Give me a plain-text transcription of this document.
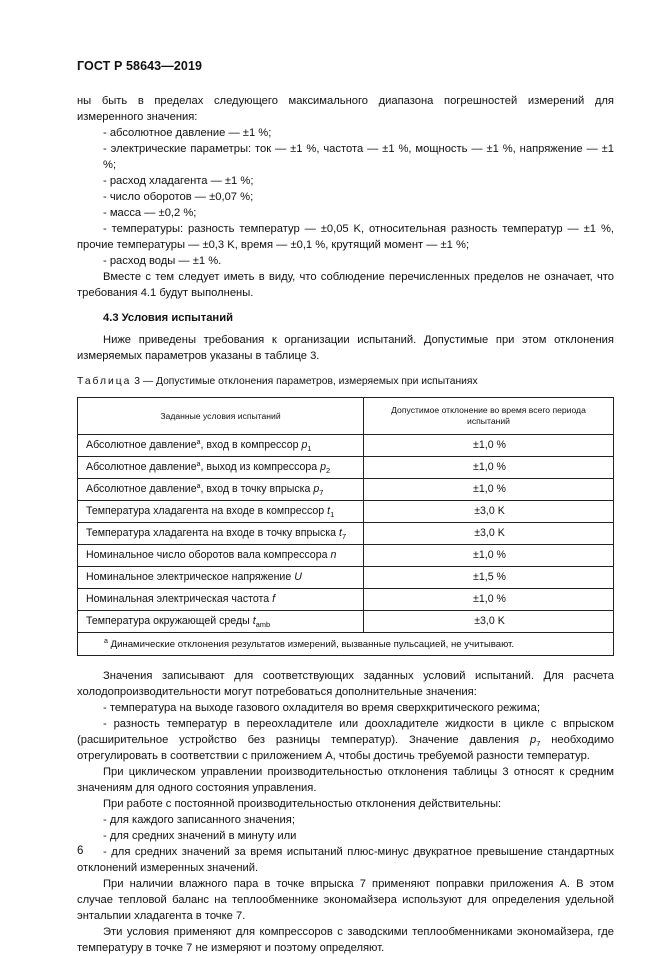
ГОСТ Р 58643—2019

ны быть в пределах следующего максимального диапазона погрешностей измерений для измеренного значения:

- абсолютное давление — ±1 %;

- электрические параметры: ток — ±1 %, частота — ±1 %, мощность — ±1 %, напряжение — ±1 %;

- расход хладагента — ±1 %;

- число оборотов — ±0,07 %;

- масса — ±0,2 %;

- температуры: разность температур — ±0,05 K, относительная разность температур — ±1 %, прочие температуры — ±0,3 K, время — ±0,1 %, крутящий момент — ±1 %;

- расход воды — ±1 %.

Вместе с тем следует иметь в виду, что соблюдение перечисленных пределов не означает, что требования 4.1 будут выполнены.

4.3 Условия испытаний

Ниже приведены требования к организации испытаний. Допустимые при этом отклонения измеряемых параметров указаны в таблице 3.

Таблица 3 — Допустимые отклонения параметров, измеряемых при испытаниях
Заданные условия испытаний	Допустимое отклонение во время всего периода испытаний
Абсолютное давление$^a$, вход в компрессор $p_1$	±1,0 %
Абсолютное давление$^a$, выход из компрессора $p_2$	±1,0 %
Абсолютное давление$^a$, вход в точку впрыска $p_7$	±1,0 %
Температура хладагента на входе в компрессор $t_1$	±3,0 K
Температура хладагента на входе в точку впрыска $t_7$	±3,0 K
Номинальное число оборотов вала компрессора n	±1,0 %
Номинальное электрическое напряжение U	±1,5 %
Номинальная электрическая частота f	±1,0 %
Температура окружающей среды $t_{amb}$	±3,0 K
$^a$ Динамические отклонения результатов измерений, вызванные пульсацией, не учитывают.	

Значения записывают для соответствующих заданных условий испытаний. Для расчета холодопроизводительности могут потребоваться дополнительные значения:

- температура на выходе газового охладителя во время сверхкритического режима;

- разность температур в переохладителе или доохладителе жидкости в цикле с впрыском (расширительное устройство без разницы температур). Значение давления $p_7$ необходимо отрегулировать в соответствии с приложением А, чтобы достичь требуемой разности температур.

При циклическом управлении производительностью отклонения таблицы 3 относят к средним значениям для одного состояния управления.

При работе с постоянной производительностью отклонения действительны:

- для каждого записанного значения;

- для средних значений в минуту или

- для средних значений за время испытаний плюс-минус двукратное превышение стандартных отклонений измеренных значений.

При наличии влажного пара в точке впрыска 7 применяют поправки приложения А. В этом случае тепловой баланс на теплообменнике экономайзера используют для определения удельной энтальпии хладагента в точке 7.

Эти условия применяют для компрессоров с заводскими теплообменниками экономайзера, где температуру в точке 7 не измеряют и поэтому определяют.

6
